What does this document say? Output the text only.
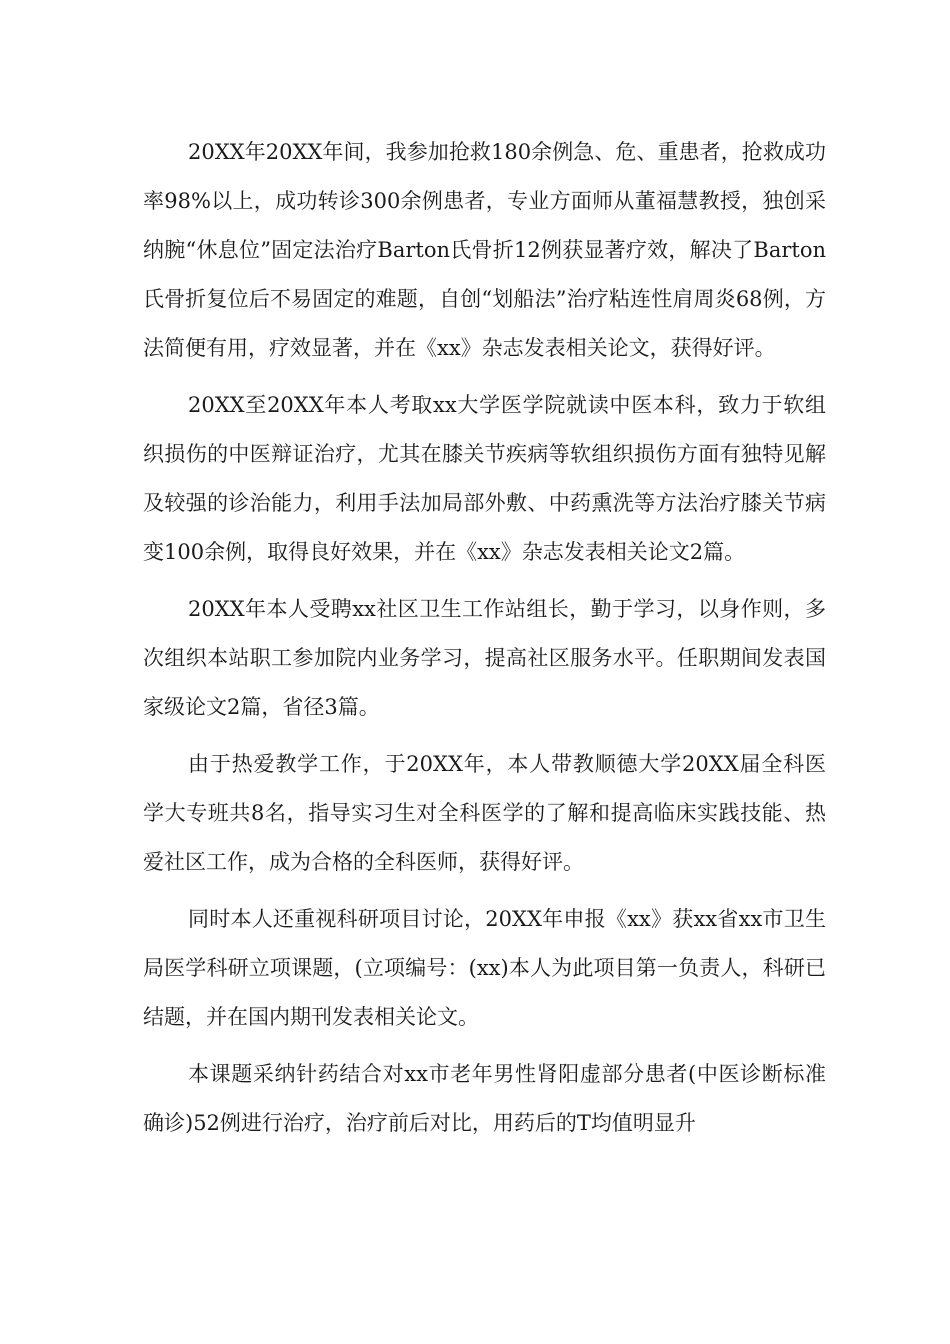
20XX年20XX年间，我参加抢救180余例急、危、重患者，抢救成功率98%以上，成功转诊300余例患者，专业方面师从董福慧教授，独创采纳腕“休息位”固定法治疗Barton氏骨折12例获显著疗效，解决了Barton氏骨折复位后不易固定的难题，自创“划船法”治疗粘连性肩周炎68例，方法简便有用，疗效显著，并在《xx》杂志发表相关论文，获得好评。

20XX至20XX年本人考取xx大学医学院就读中医本科，致力于软组织损伤的中医辩证治疗，尤其在膝关节疾病等软组织损伤方面有独特见解及较强的诊治能力，利用手法加局部外敷、中药熏洗等方法治疗膝关节病变100余例，取得良好效果，并在《xx》杂志发表相关论文2篇。

20XX年本人受聘xx社区卫生工作站组长，勤于学习，以身作则，多次组织本站职工参加院内业务学习，提高社区服务水平。任职期间发表国家级论文2篇，省径3篇。

由于热爱教学工作，于20XX年，本人带教顺德大学20XX届全科医学大专班共8名，指导实习生对全科医学的了解和提高临床实践技能、热爱社区工作，成为合格的全科医师，获得好评。

同时本人还重视科研项目讨论，20XX年申报《xx》获xx省xx市卫生局医学科研立项课题，(立项编号：(xx)本人为此项目第一负责人，科研已结题，并在国内期刊发表相关论文。

本课题采纳针药结合对xx市老年男性肾阳虚部分患者(中医诊断标准确诊)52例进行治疗，治疗前后对比，用药后的T均值明显升
